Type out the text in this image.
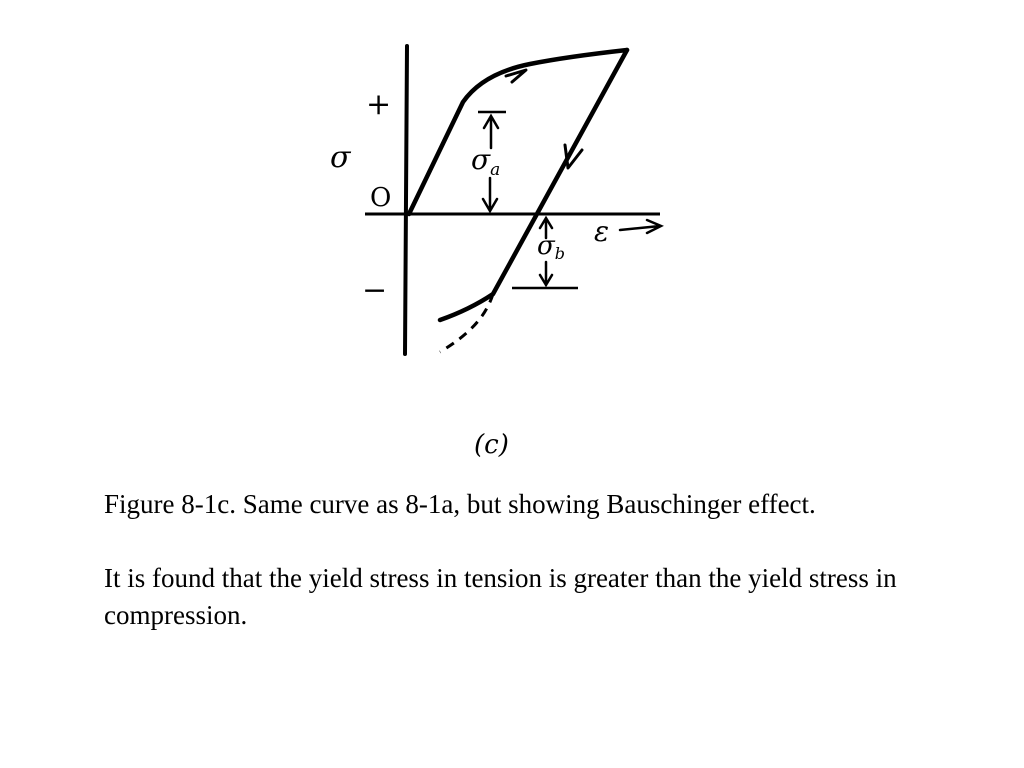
+
σ
O
−
ε
$\sigma_a$
σb
(c)

Figure 8-1c. Same curve as 8-1a, but showing Bauschinger effect.

It is found that the yield stress in tension is greater than the yield stress in compression.
